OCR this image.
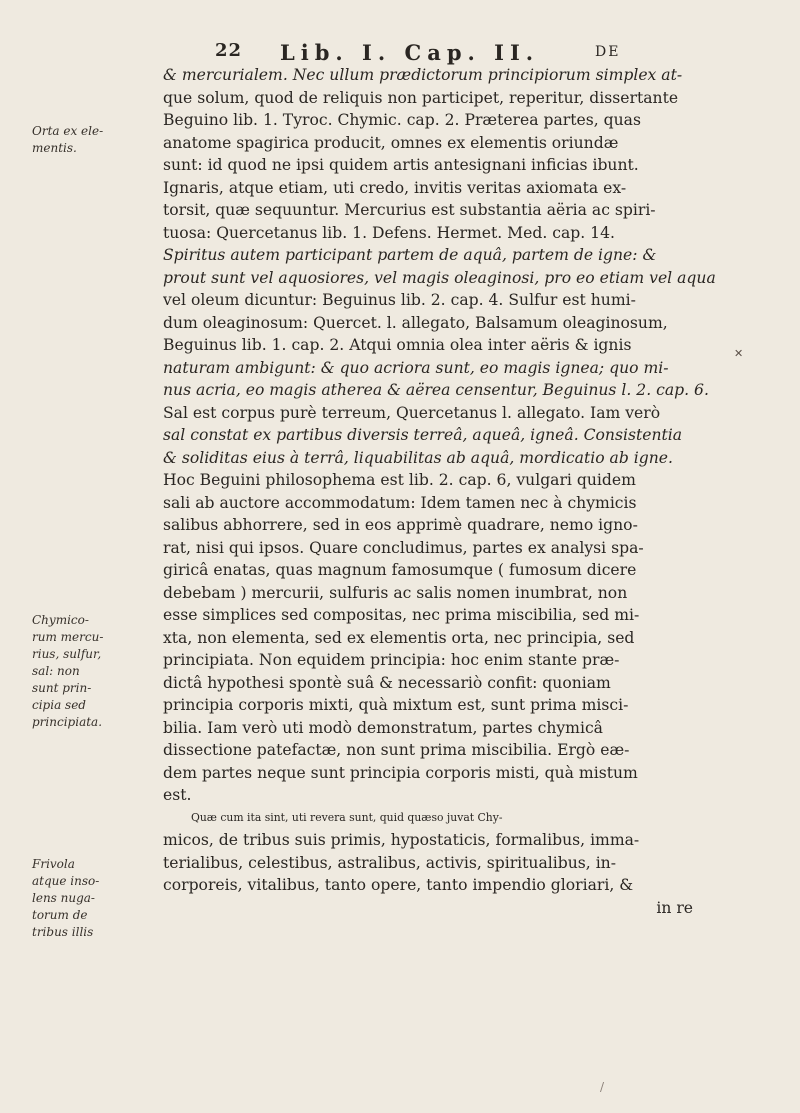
22 Lib. I. Cap. II.	DE
Orta ex ele-
mentis.
Chymico-
rum mercu-
rius, sulfur,
sal: non
sunt prin-
cipia sed
principiata.
Frivola
atque inso-
lens nuga-
torum de
tribus illis
& mercurialem. Nec ullum prædictorum principiorum simplex at-
que solum, quod de reliquis non participet, reperitur, dissertante
Beguino lib. 1. Tyroc. Chymic. cap. 2. Præterea partes, quas
anatome spagirica producit, omnes ex elementis oriundæ
sunt: id quod ne ipsi quidem artis antesignani inficias ibunt.
Ignaris, atque etiam, uti credo, invitis veritas axiomata ex-
torsit, quæ sequuntur. Mercurius est substantia aëria ac spiri-
tuosa: Quercetanus lib. 1. Defens. Hermet. Med. cap. 14.
Spiritus autem participant partem de aquâ, partem de igne: &
prout sunt vel aquosiores, vel magis oleaginosi, pro eo etiam vel aqua
vel oleum dicuntur: Beguinus lib. 2. cap. 4. Sulfur est humi-
dum oleaginosum: Quercet. l. allegato, Balsamum oleaginosum,
Beguinus lib. 1. cap. 2. Atqui omnia olea inter aëris & ignis
naturam ambigunt: & quo acriora sunt, eo magis ignea; quo mi-
nus acria, eo magis atherea & aërea censentur, Beguinus l. 2. cap. 6.
Sal est corpus purè terreum, Quercetanus l. allegato. Iam verò
sal constat ex partibus diversis terreâ, aqueâ, igneâ. Consistentia
& soliditas eius à terrâ, liquabilitas ab aquâ, mordicatio ab igne.
Hoc Beguini philosophema est lib. 2. cap. 6, vulgari quidem
sali ab auctore accommodatum: Idem tamen nec à chymicis
salibus abhorrere, sed in eos apprimè quadrare, nemo igno-
rat, nisi qui ipsos. Quare concludimus, partes ex analysi spa-
giricâ enatas, quas magnum famosumque ( fumosum dicere
debebam ) mercurii, sulfuris ac salis nomen inumbrat, non
esse simplices sed compositas, nec prima miscibilia, sed mi-
xta, non elementa, sed ex elementis orta, nec principia, sed
principiata. Non equidem principia: hoc enim stante præ-
dictâ hypothesi spontè suâ & necessariò confit: quoniam
principia corporis mixti, quà mixtum est, sunt prima misci-
bilia. Iam verò uti modò demonstratum, partes chymicâ
dissectione patefactæ, non sunt prima miscibilia. Ergò eæ-
dem partes neque sunt principia corporis misti, quà mistum
est.
Quæ cum ita sint, uti revera sunt, quid quæso juvat Chy-
micos, de tribus suis primis, hypostaticis, formalibus, imma-
terialibus, celestibus, astralibus, activis, spiritualibus, in-
corporeis, vitalibus, tanto opere, tanto impendio gloriari, &
in re
✕
/
